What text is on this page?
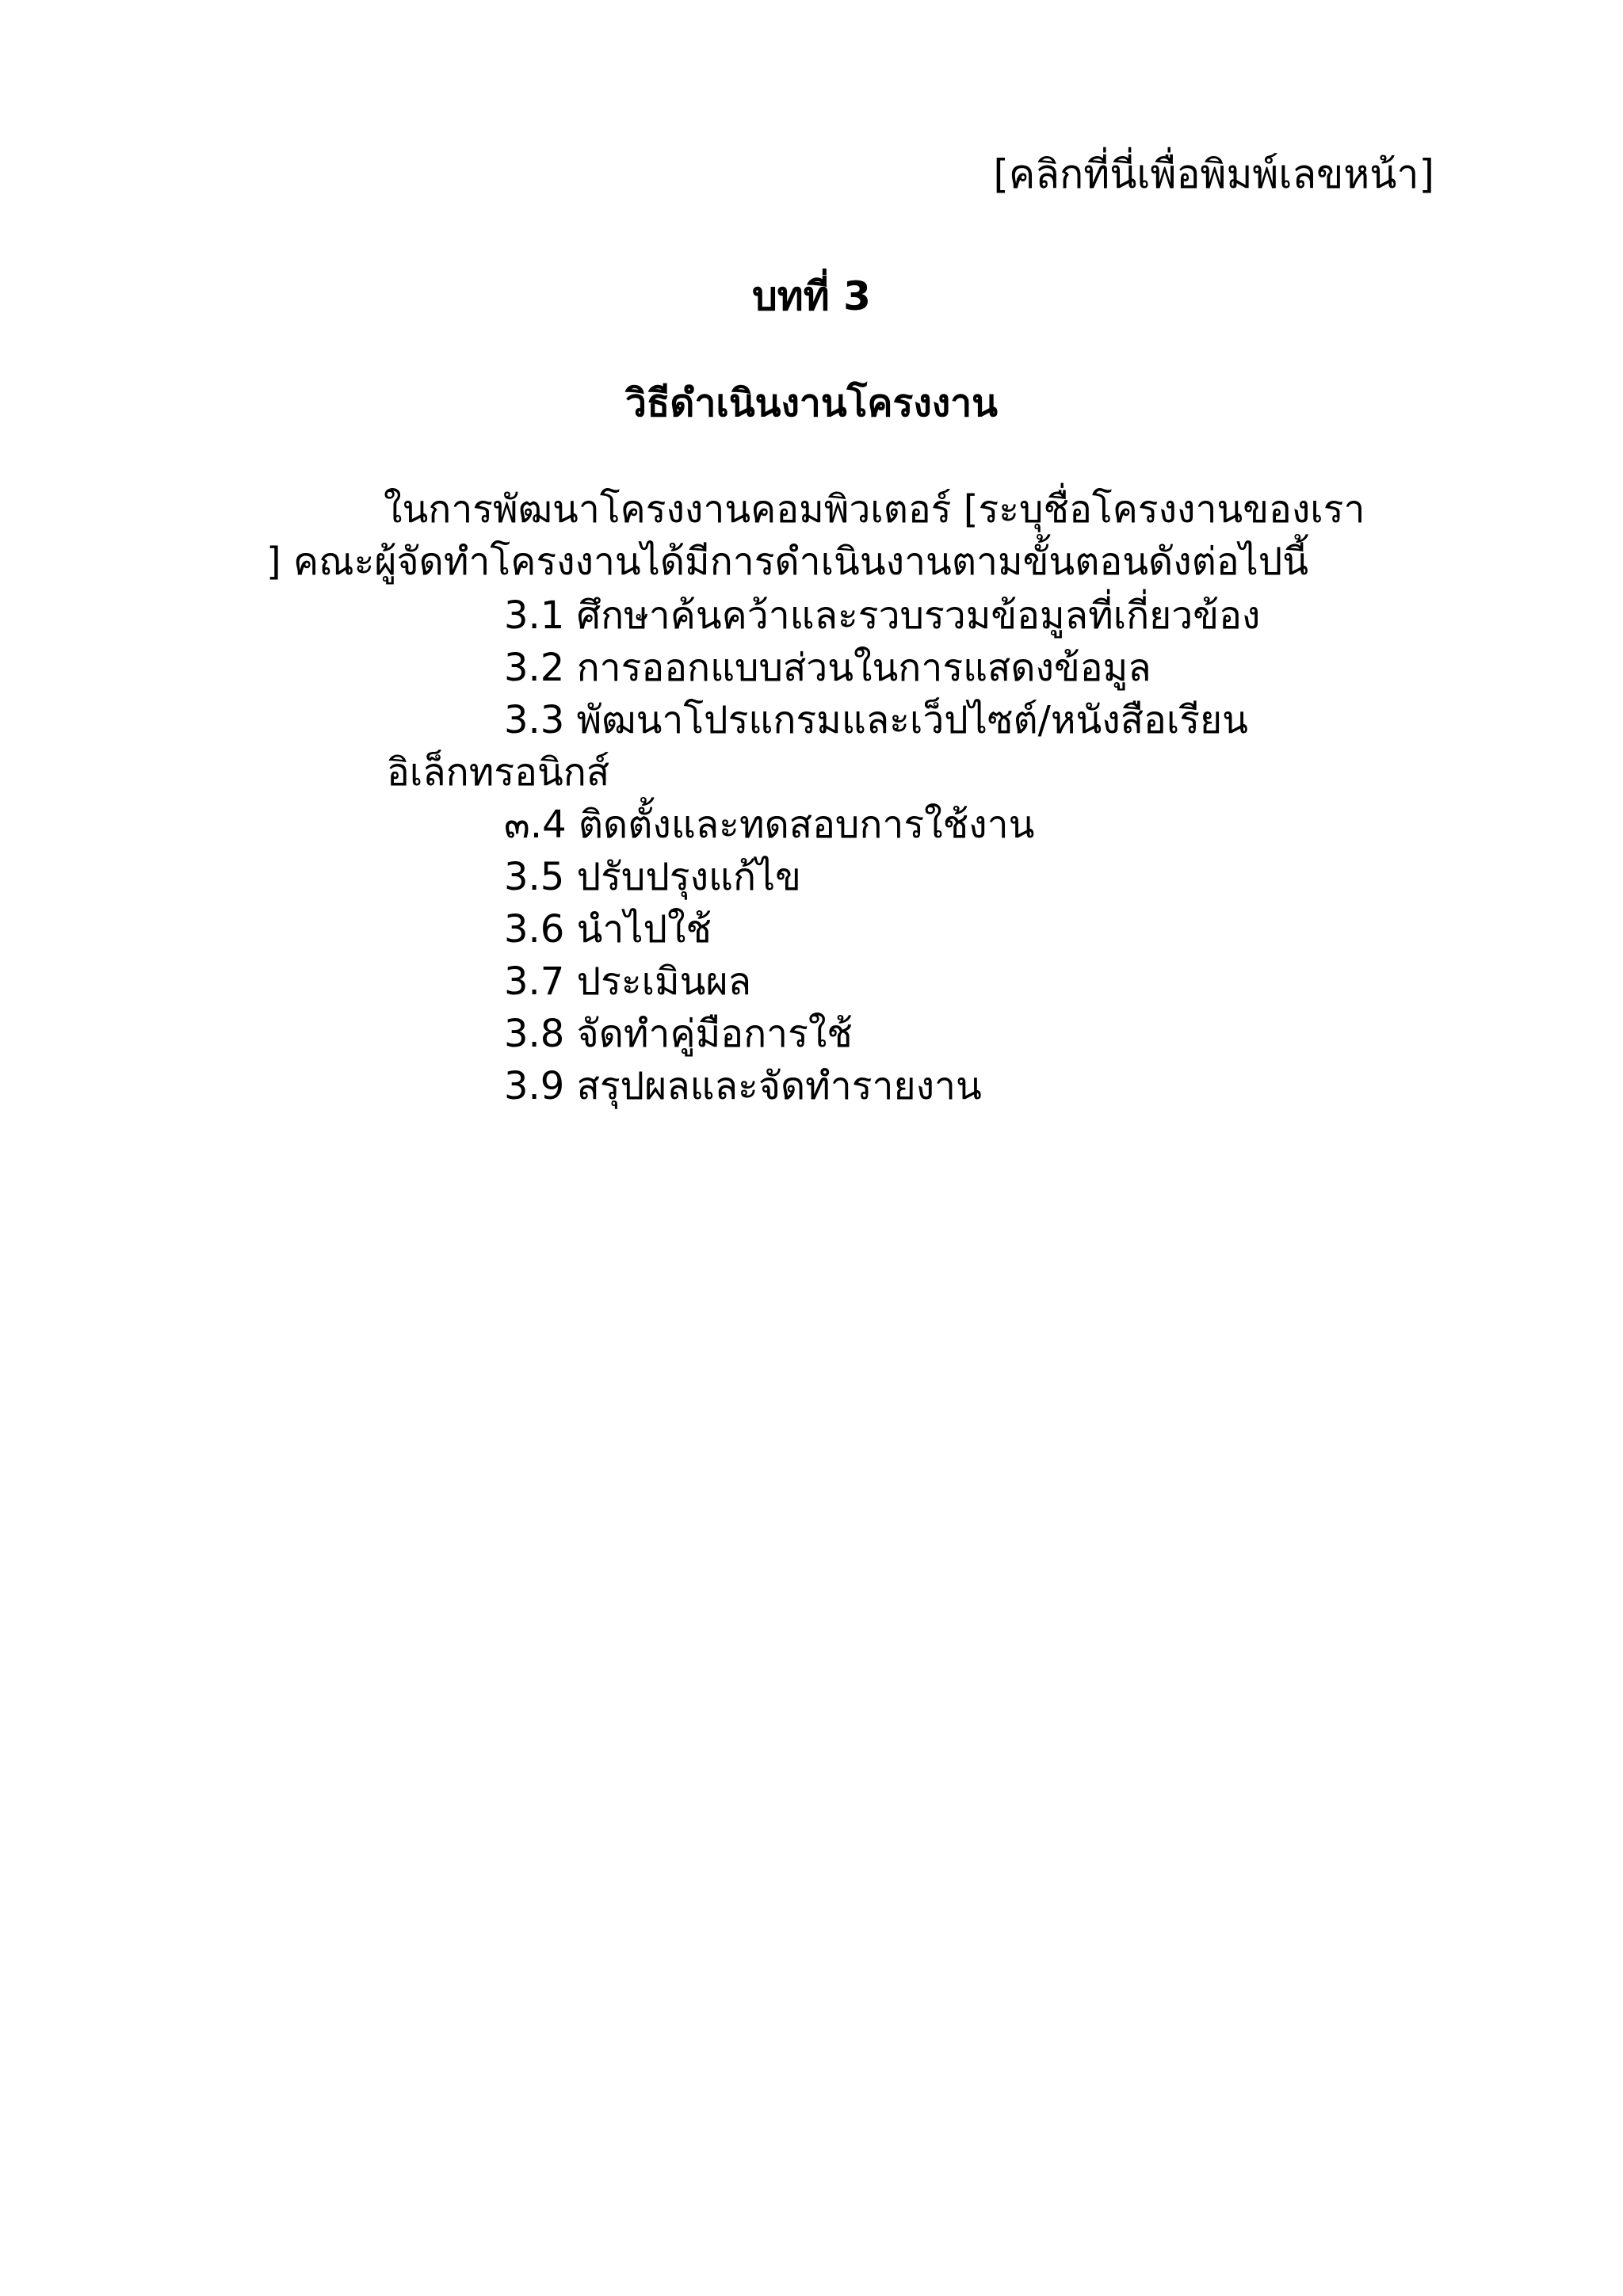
[คลิกที่นี่เพื่อพิมพ์เลขหน้า]
บทที่ 3
วิธีดำเนินงานโครงงาน

ในการพัฒนาโครงงานคอมพิวเตอร์ [ระบุชื่อโครงงานของเรา
] คณะผู้จัดทำโครงงานได้มีการดำเนินงานตามขั้นตอนดังต่อไปนี้

3.1 ศึกษาค้นคว้าและรวบรวมข้อมูลที่เกี่ยวข้อง
3.2 การออกแบบส่วนในการแสดงข้อมูล
3.3 พัฒนาโปรแกรมและเว็ปไซต์/หนังสือเรียน
อิเล็กทรอนิกส์
๓.4 ติดตั้งและทดสอบการใช้งาน
3.5 ปรับปรุงแก้ไข
3.6 นำไปใช้
3.7 ประเมินผล
3.8 จัดทำคู่มือการใช้
3.9 สรุปผลและจัดทำรายงาน
